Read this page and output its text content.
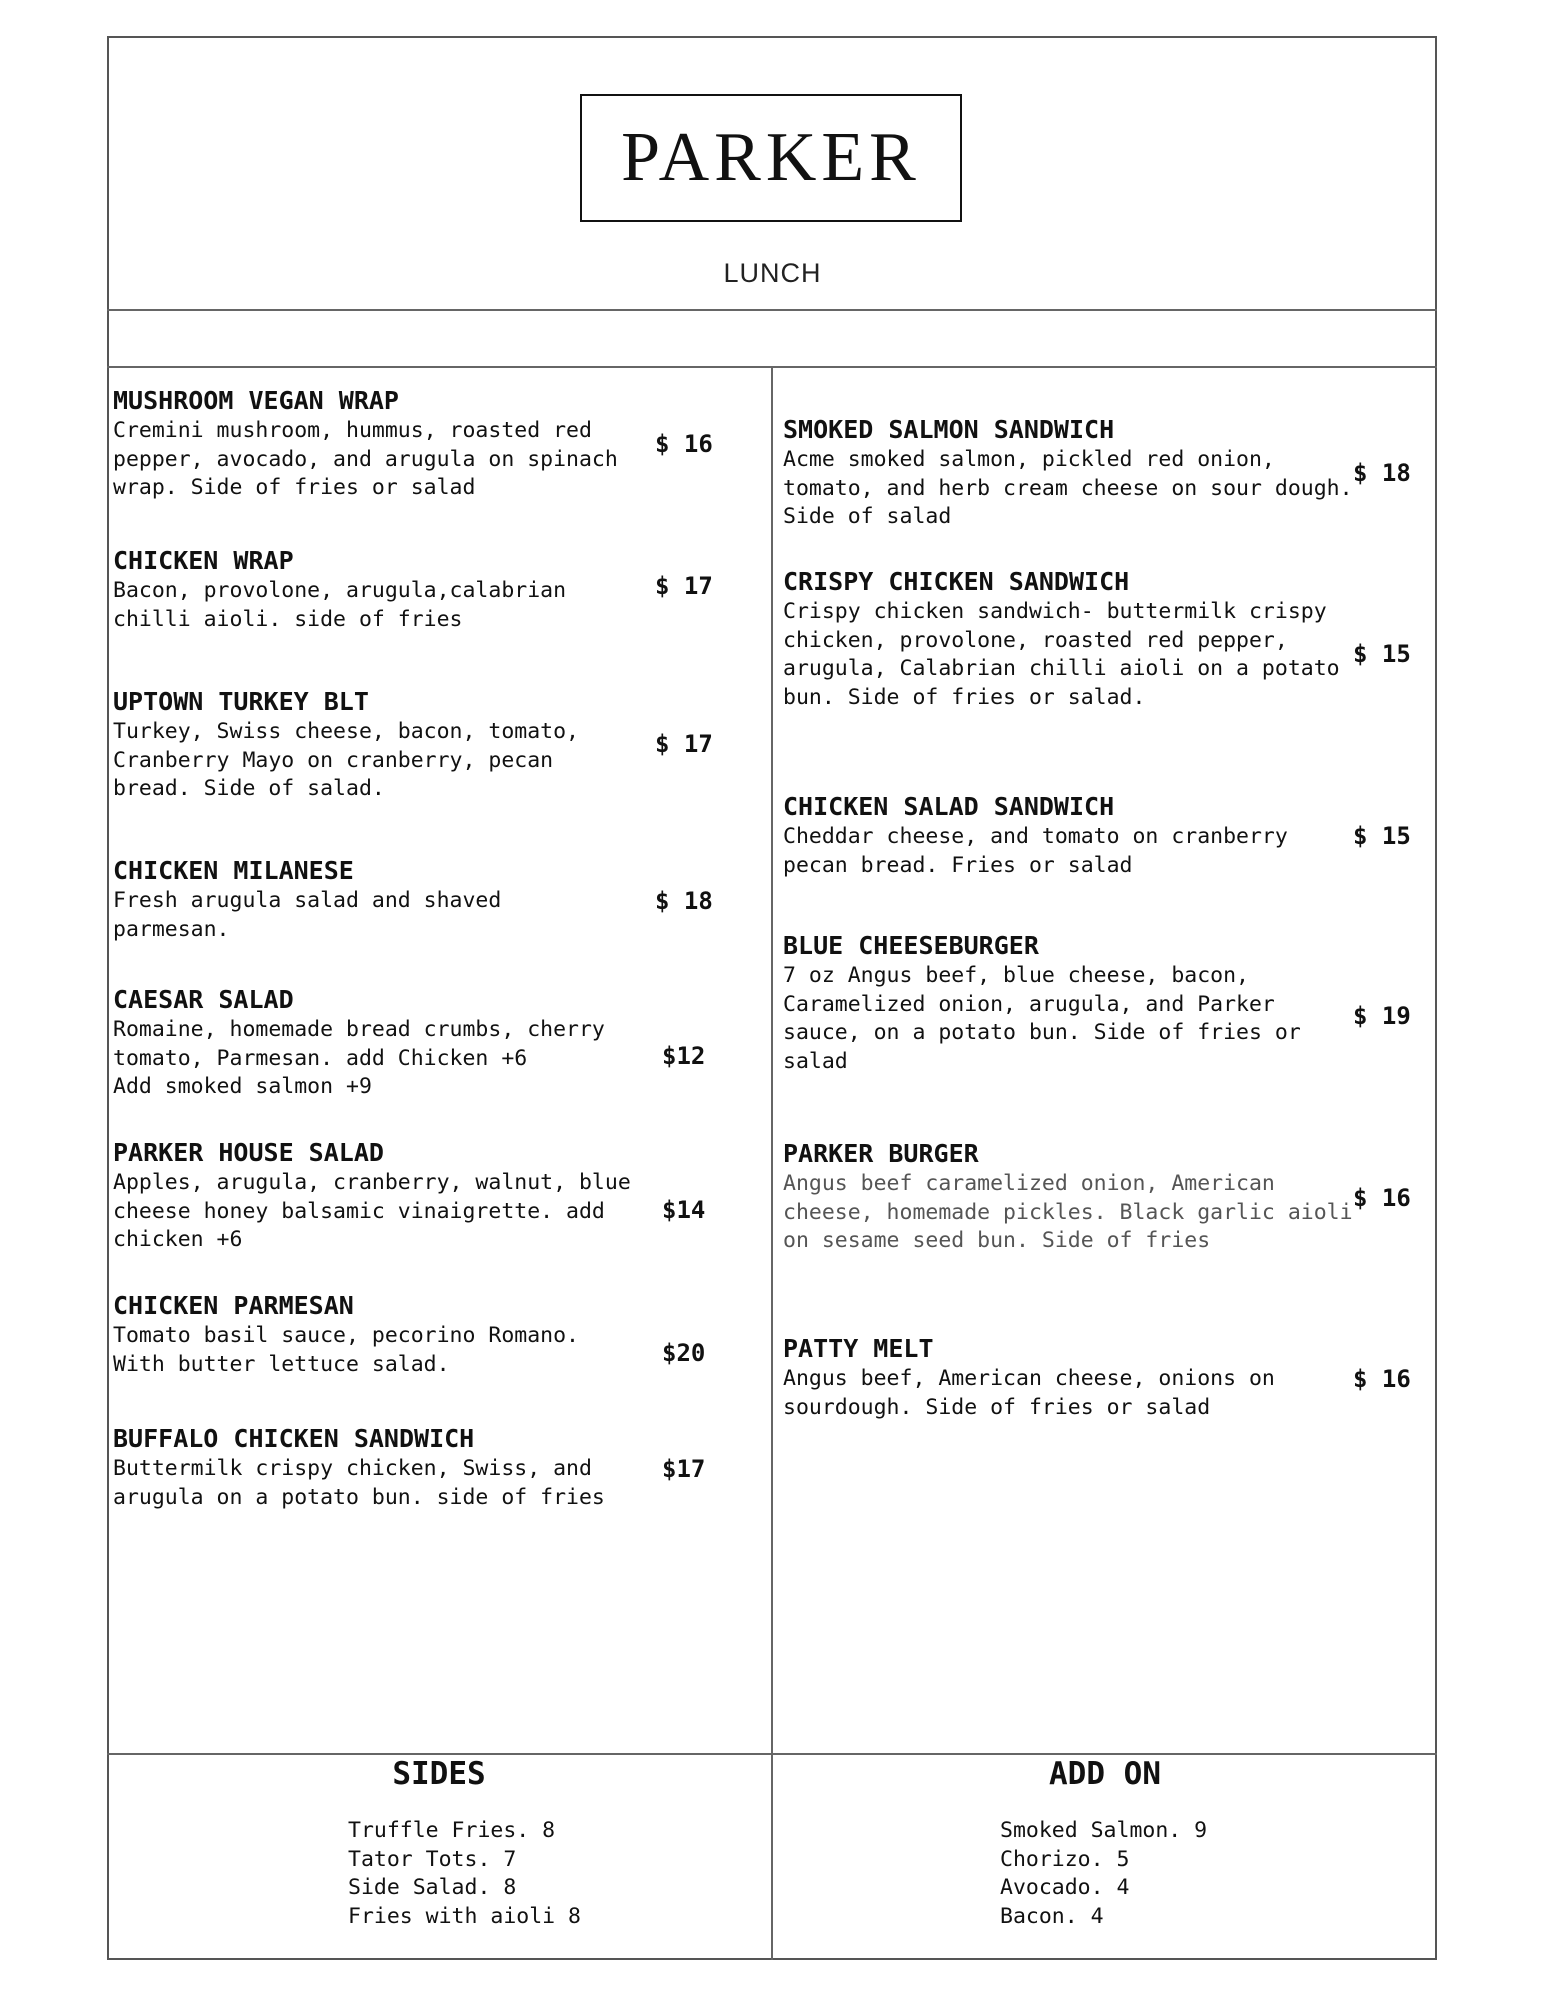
PARKER
LUNCH
MUSHROOM VEGAN WRAP
Cremini mushroom, hummus, roasted red
pepper, avocado, and arugula on spinach
wrap. Side of fries or salad
$ 16
CHICKEN WRAP
Bacon, provolone, arugula,calabrian
chilli aioli. side of fries
$ 17
UPTOWN TURKEY BLT
Turkey, Swiss cheese, bacon, tomato,
Cranberry Mayo on cranberry, pecan
bread. Side of salad.
$ 17
CHICKEN MILANESE
Fresh arugula salad and shaved
parmesan.
$ 18
CAESAR SALAD
Romaine, homemade bread crumbs, cherry
tomato, Parmesan. add Chicken +6
Add smoked salmon +9
$12
PARKER HOUSE SALAD
Apples, arugula, cranberry, walnut, blue
cheese honey balsamic vinaigrette. add
chicken +6
$14
CHICKEN PARMESAN
Tomato basil sauce, pecorino Romano.
With butter lettuce salad.	$20
BUFFALO CHICKEN SANDWICH
Buttermilk crispy chicken, Swiss, and
arugula on a potato bun. side of fries
$17
SMOKED SALMON SANDWICH
Acme smoked salmon, pickled red onion,
tomato, and herb cream cheese on sour dough.
Side of salad
$ 18
CRISPY CHICKEN SANDWICH
Crispy chicken sandwich- buttermilk crispy
chicken, provolone, roasted red pepper,
arugula, Calabrian chilli aioli on a potato
bun. Side of fries or salad.
$ 15
CHICKEN SALAD SANDWICH
Cheddar cheese, and tomato on cranberry
pecan bread. Fries or salad
$ 15
BLUE CHEESEBURGER
7 oz Angus beef, blue cheese, bacon,
Caramelized onion, arugula, and Parker
sauce, on a potato bun. Side of fries or
salad
$ 19
PARKER BURGER
Angus beef caramelized onion, American
cheese, homemade pickles. Black garlic aioli
on sesame seed bun. Side of fries
$ 16
PATTY MELT
Angus beef, American cheese, onions on
sourdough. Side of fries or salad
$ 16
SIDES
Truffle Fries. 8
Tator Tots. 7
Side Salad. 8
Fries with aioli 8
ADD ON
Smoked Salmon. 9
Chorizo. 5
Avocado. 4
Bacon. 4
